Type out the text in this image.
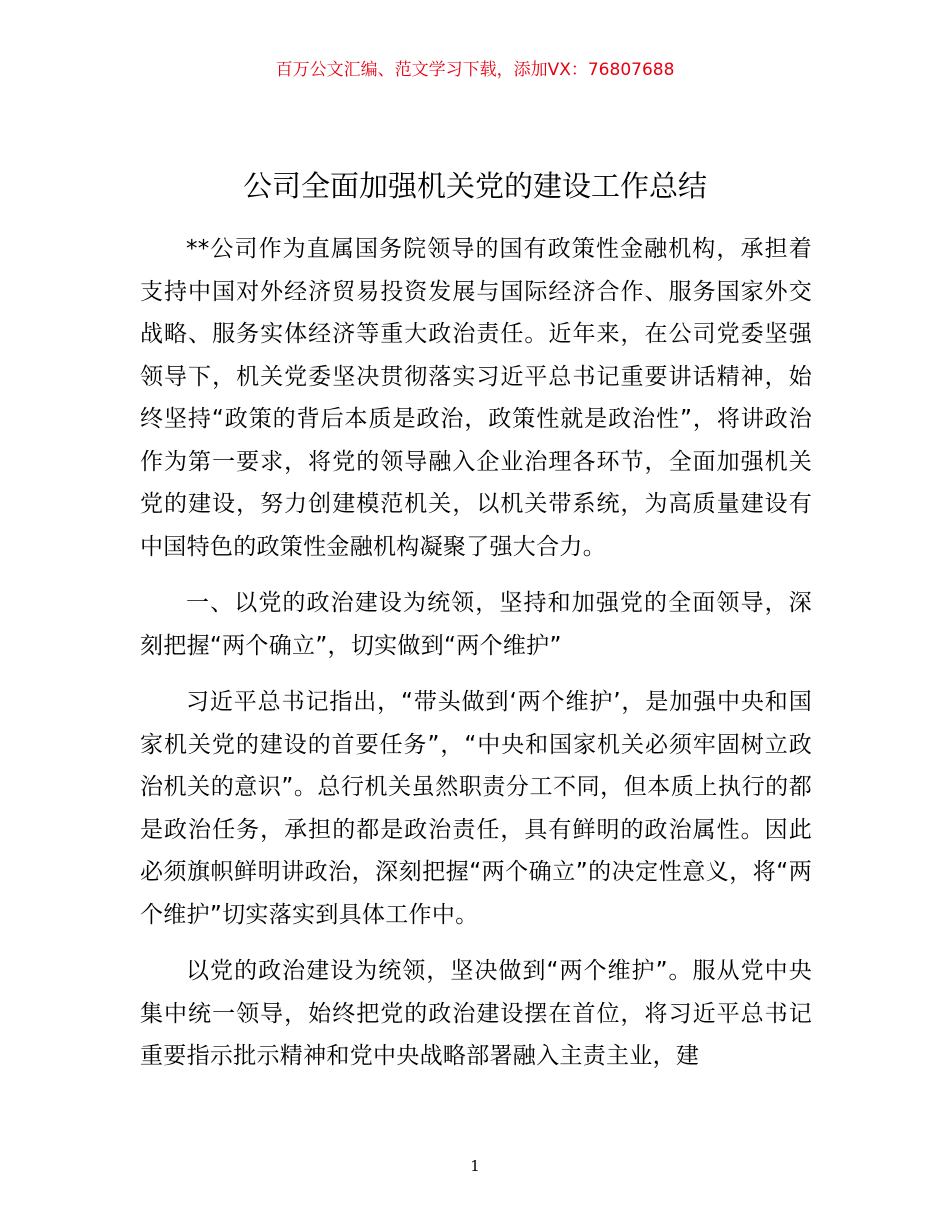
百万公文汇编、范文学习下载，添加VX：76807688
公司全面加强机关党的建设工作总结

**公司作为直属国务院领导的国有政策性金融机构，承担着支持中国对外经济贸易投资发展与国际经济合作、服务国家外交战略、服务实体经济等重大政治责任。近年来，在公司党委坚强领导下，机关党委坚决贯彻落实习近平总书记重要讲话精神，始终坚持“政策的背后本质是政治，政策性就是政治性”，将讲政治作为第一要求，将党的领导融入企业治理各环节，全面加强机关党的建设，努力创建模范机关，以机关带系统，为高质量建设有中国特色的政策性金融机构凝聚了强大合力。

一、以党的政治建设为统领，坚持和加强党的全面领导，深刻把握“两个确立”，切实做到“两个维护”

习近平总书记指出，“带头做到‘两个维护’，是加强中央和国家机关党的建设的首要任务”，“中央和国家机关必须牢固树立政治机关的意识”。总行机关虽然职责分工不同，但本质上执行的都是政治任务，承担的都是政治责任，具有鲜明的政治属性。因此必须旗帜鲜明讲政治，深刻把握“两个确立”的决定性意义，将“两个维护”切实落实到具体工作中。

以党的政治建设为统领，坚决做到“两个维护”。服从党中央集中统一领导，始终把党的政治建设摆在首位，将习近平总书记重要指示批示精神和党中央战略部署融入主责主业，建

1
